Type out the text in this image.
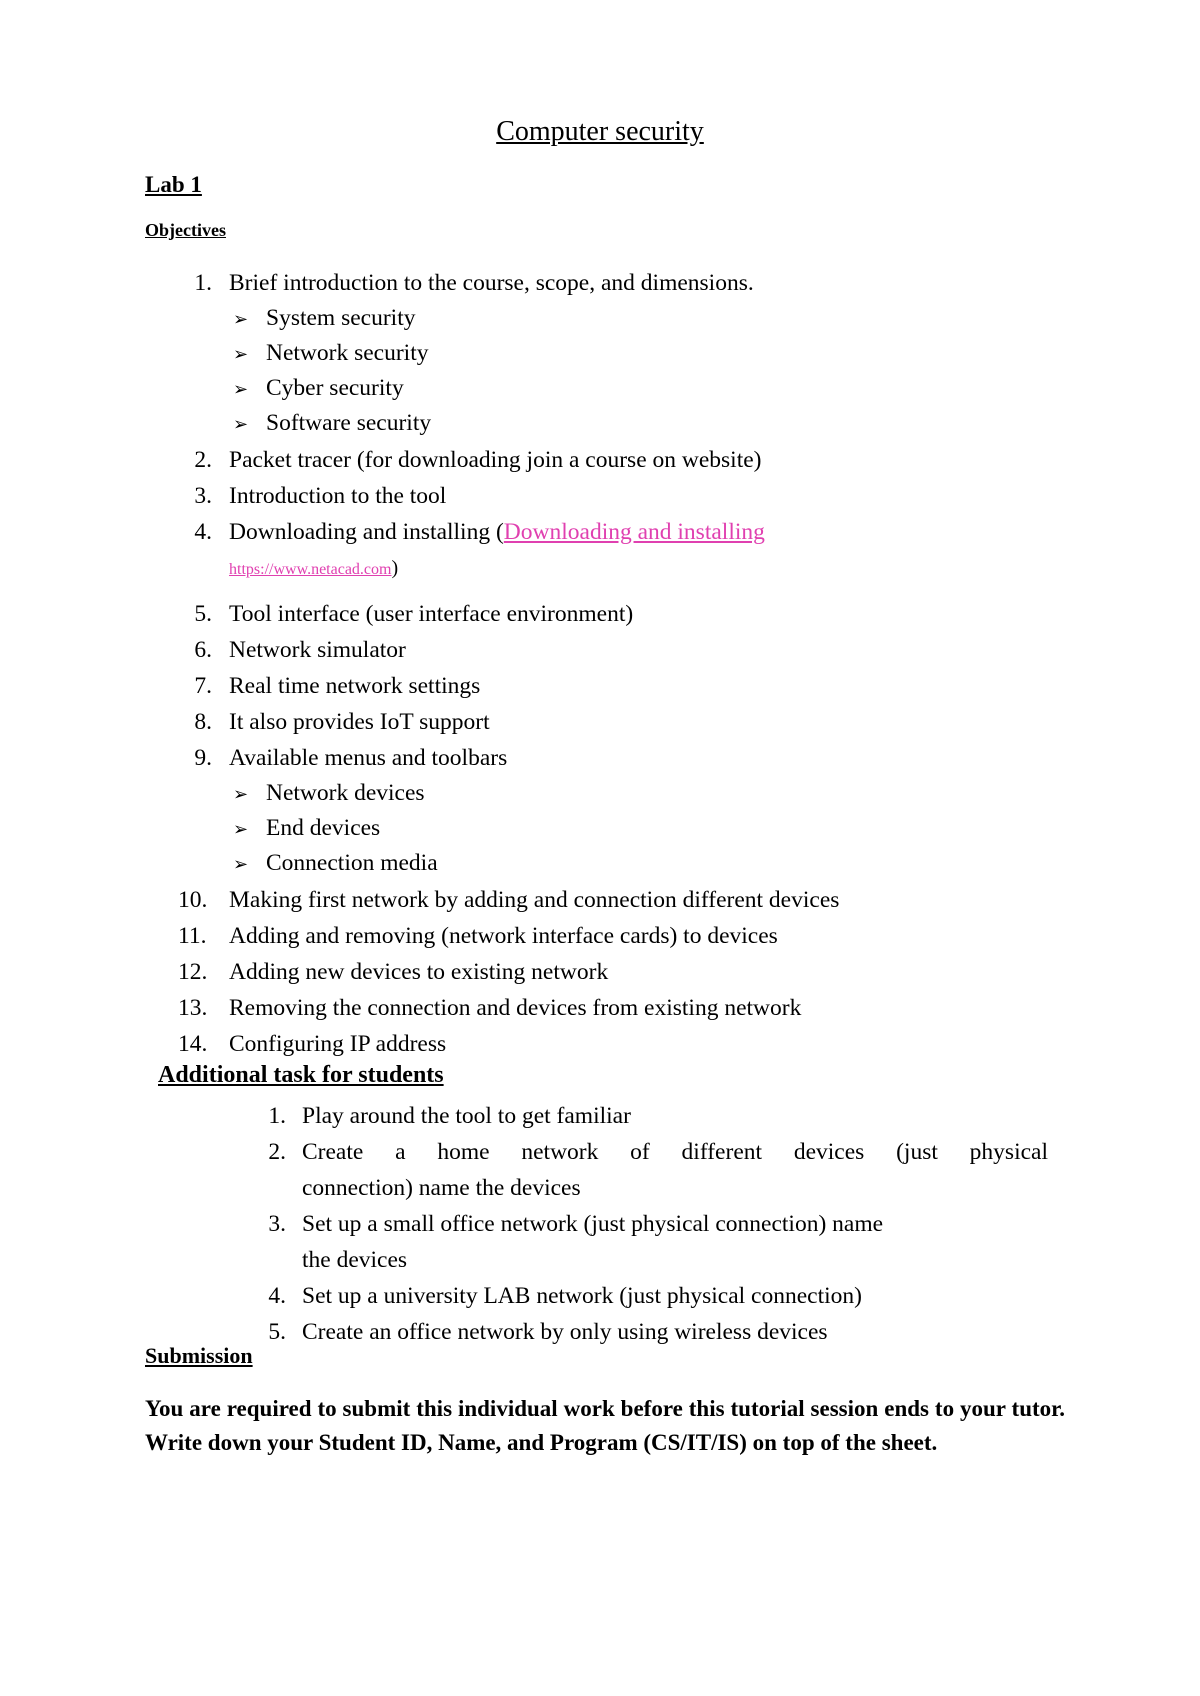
Computer security
Lab 1
Objectives
1. Brief introduction to the course, scope, and dimensions.
➢ System security
➢ Network security
➢ Cyber security
➢ Software security
2. Packet tracer (for downloading join a course on website)
3. Introduction to the tool
4. Downloading and installing (Downloading and installing
https://www.netacad.com)
5. Tool interface (user interface environment)
6. Network simulator
7. Real time network settings
8. It also provides IoT support
9. Available menus and toolbars
➢ Network devices
➢ End devices
➢ Connection media
10. Making first network by adding and connection different devices
11. Adding and removing (network interface cards) to devices
12. Adding new devices to existing network
13. Removing the connection and devices from existing network
14. Configuring IP address
Additional task for students
1. Play around the tool to get familiar
2. Create a home network of different devices (just physical
connection) name the devices
3. Set up a small office network (just physical connection) name
the devices
4. Set up a university LAB network (just physical connection)
5. Create an office network by only using wireless devices
Submission
You are required to submit this individual work before this tutorial session ends to your tutor. Write down your Student ID, Name, and Program (CS/IT/IS) on top of the sheet.
